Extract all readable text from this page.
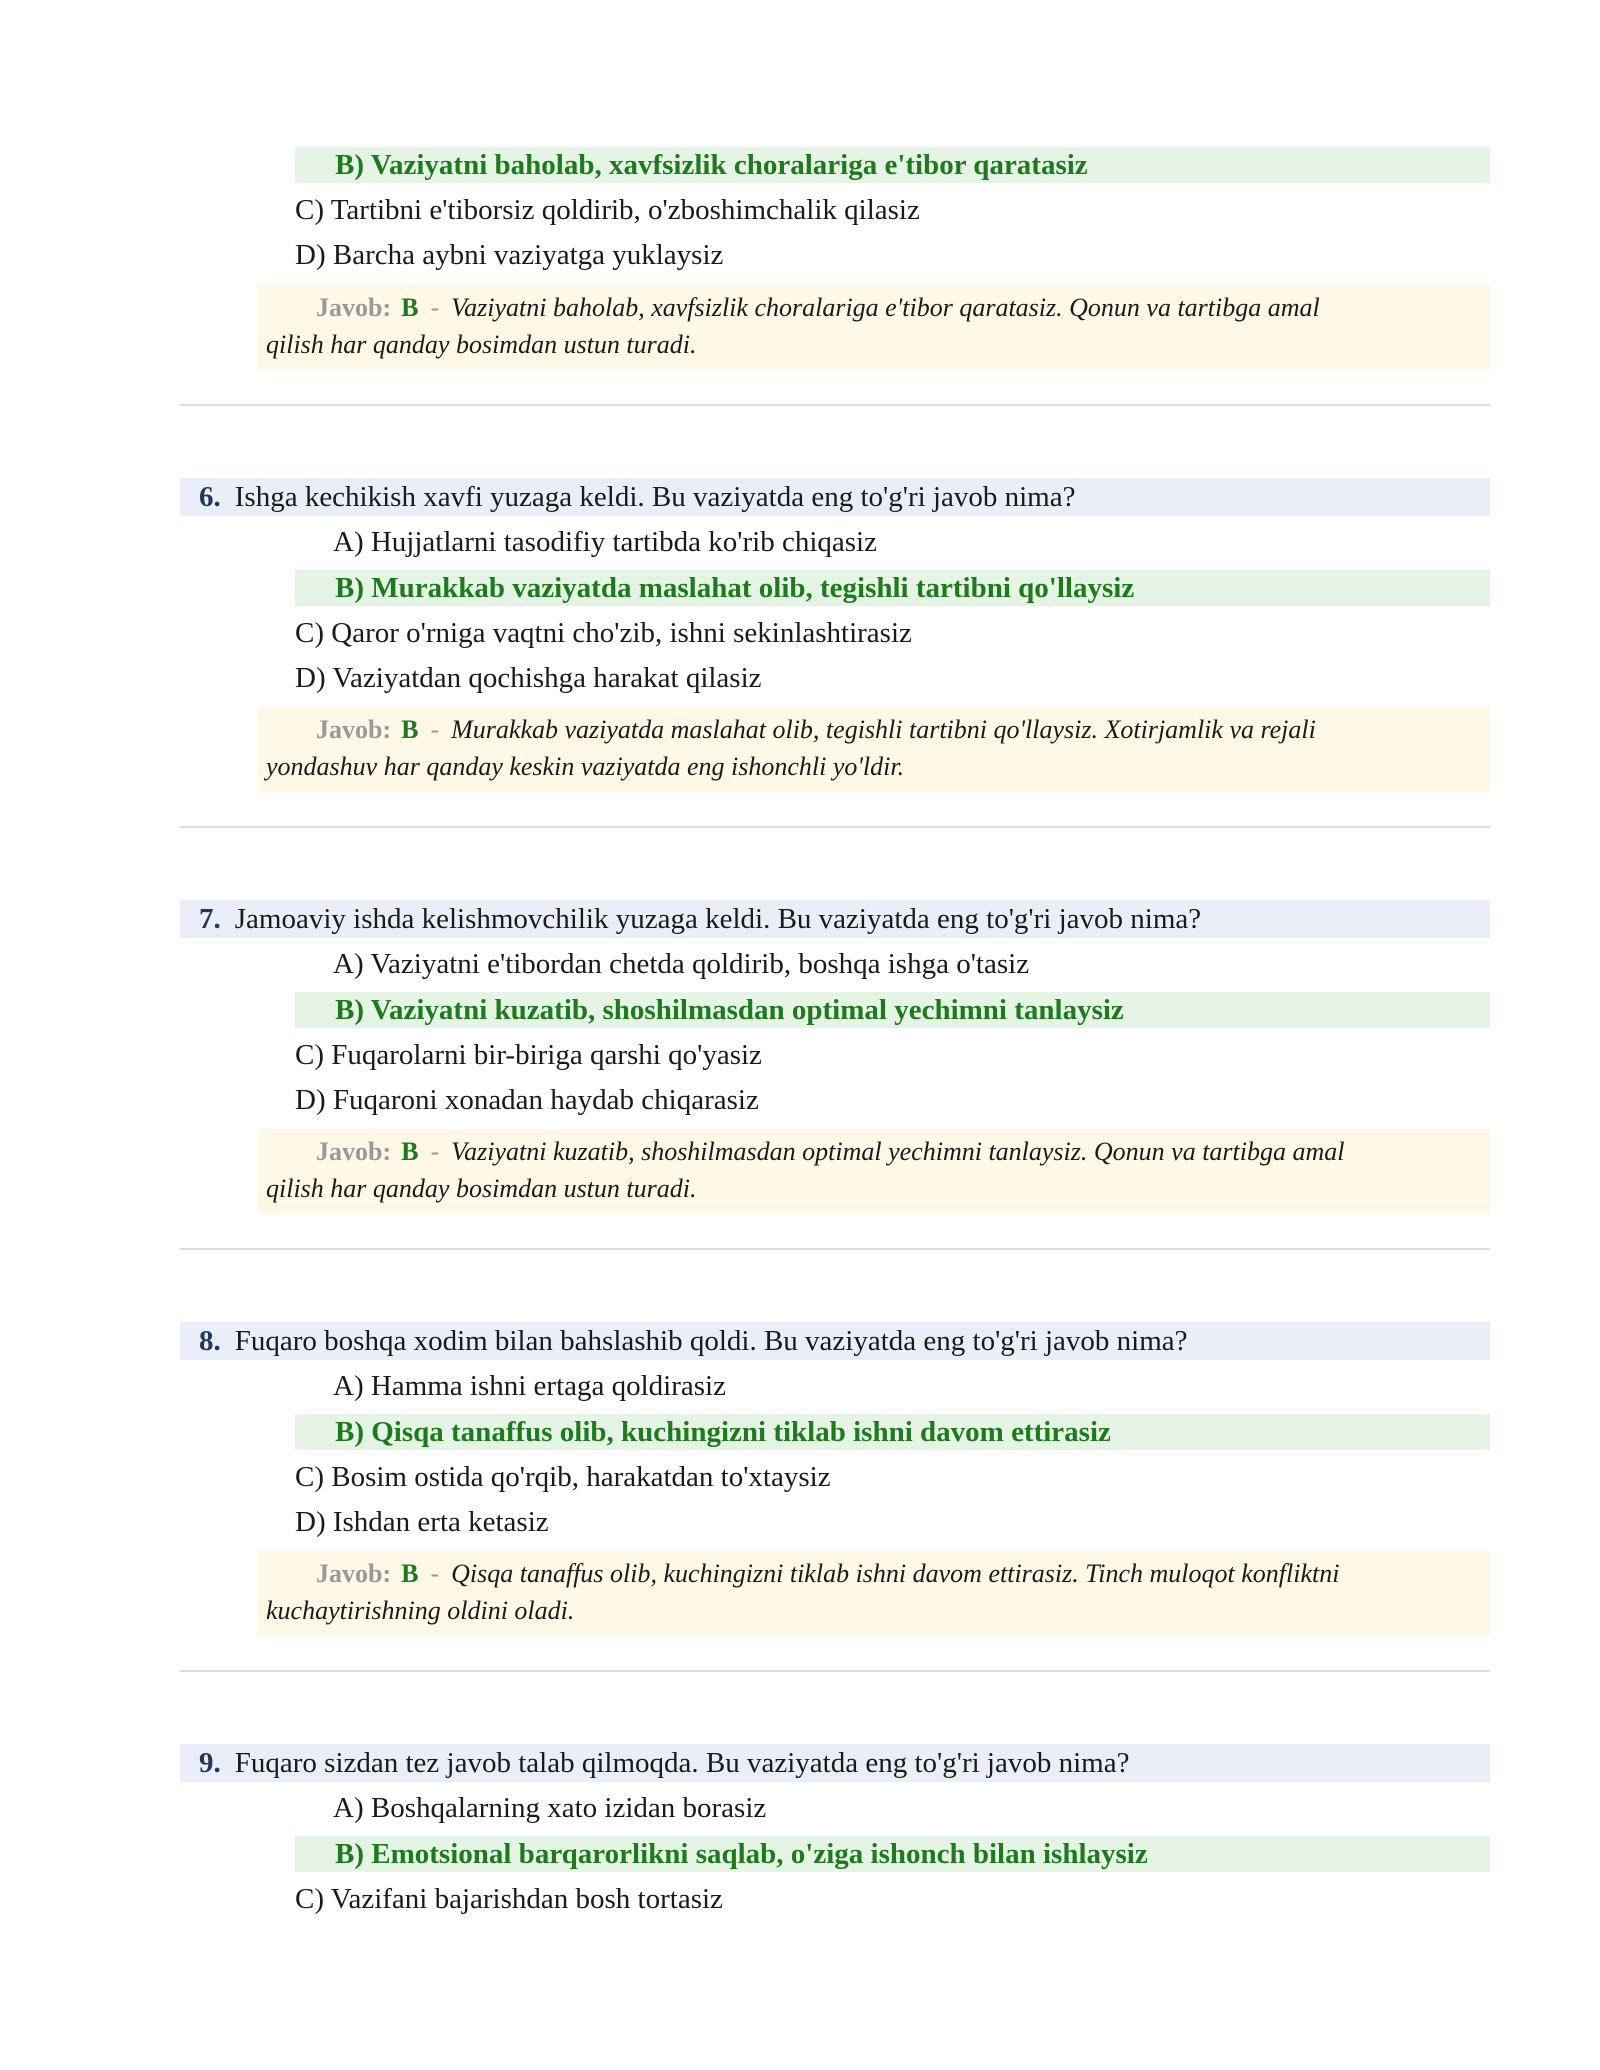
B) Vaziyatni baholab, xavfsizlik choralariga e'tibor qaratasiz
C) Tartibni e'tiborsiz qoldirib, o'zboshimchalik qilasiz
D) Barcha aybni vaziyatga yuklaysiz
Javob: B - Vaziyatni baholab, xavfsizlik choralariga e'tibor qaratasiz. Qonun va tartibga amal
qilish har qanday bosimdan ustun turadi.
6. Ishga kechikish xavfi yuzaga keldi. Bu vaziyatda eng to'g'ri javob nima?
A) Hujjatlarni tasodifiy tartibda ko'rib chiqasiz
B) Murakkab vaziyatda maslahat olib, tegishli tartibni qo'llaysiz
C) Qaror o'rniga vaqtni cho'zib, ishni sekinlashtirasiz
D) Vaziyatdan qochishga harakat qilasiz
Javob: B - Murakkab vaziyatda maslahat olib, tegishli tartibni qo'llaysiz. Xotirjamlik va rejali
yondashuv har qanday keskin vaziyatda eng ishonchli yo'ldir.
7. Jamoaviy ishda kelishmovchilik yuzaga keldi. Bu vaziyatda eng to'g'ri javob nima?
A) Vaziyatni e'tibordan chetda qoldirib, boshqa ishga o'tasiz
B) Vaziyatni kuzatib, shoshilmasdan optimal yechimni tanlaysiz
C) Fuqarolarni bir-biriga qarshi qo'yasiz
D) Fuqaroni xonadan haydab chiqarasiz
Javob: B - Vaziyatni kuzatib, shoshilmasdan optimal yechimni tanlaysiz. Qonun va tartibga amal
qilish har qanday bosimdan ustun turadi.
8. Fuqaro boshqa xodim bilan bahslashib qoldi. Bu vaziyatda eng to'g'ri javob nima?
A) Hamma ishni ertaga qoldirasiz
B) Qisqa tanaffus olib, kuchingizni tiklab ishni davom ettirasiz
C) Bosim ostida qo'rqib, harakatdan to'xtaysiz
D) Ishdan erta ketasiz
Javob: B - Qisqa tanaffus olib, kuchingizni tiklab ishni davom ettirasiz. Tinch muloqot konfliktni
kuchaytirishning oldini oladi.
9. Fuqaro sizdan tez javob talab qilmoqda. Bu vaziyatda eng to'g'ri javob nima?
A) Boshqalarning xato izidan borasiz
B) Emotsional barqarorlikni saqlab, o'ziga ishonch bilan ishlaysiz
C) Vazifani bajarishdan bosh tortasiz
